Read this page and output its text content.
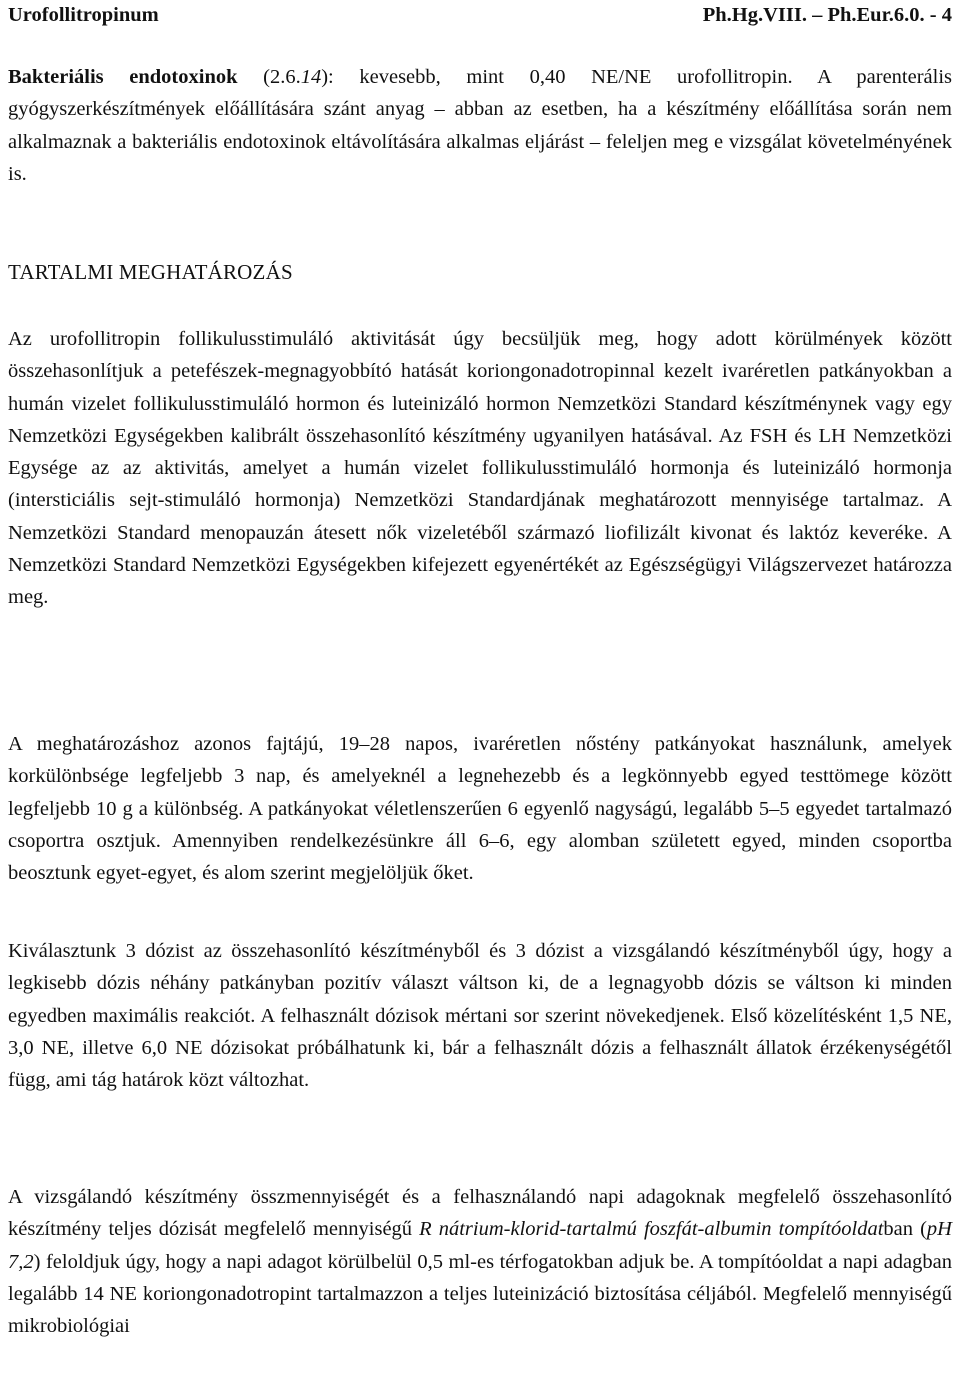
Urofollitropinum	Ph.Hg.VIII. – Ph.Eur.6.0. - 4

Bakteriális endotoxinok (2.6.14): kevesebb, mint 0,40 NE/NE urofollitropin. A parenterális gyógyszerkészítmények előállítására szánt anyag – abban az esetben, ha a készítmény előállítása során nem alkalmaznak a bakteriális endotoxinok eltávolítására alkalmas eljárást – feleljen meg e vizsgálat követelményének is.

TARTALMI MEGHATÁROZÁS

Az urofollitropin follikulusstimuláló aktivitását úgy becsüljük meg, hogy adott körülmények között összehasonlítjuk a petefészek-megnagyobbító hatását koriongonadotropinnal kezelt ivaréretlen patkányokban a humán vizelet follikulusstimuláló hormon és luteinizáló hormon Nemzetközi Standard készítménynek vagy egy Nemzetközi Egységekben kalibrált összehasonlító készítmény ugyanilyen hatásával. Az FSH és LH Nemzetközi Egysége az az aktivitás, amelyet a humán vizelet follikulusstimuláló hormonja és luteinizáló hormonja (intersticiális sejt-stimuláló hormonja) Nemzetközi Standardjának meghatározott mennyisége tartalmaz. A Nemzetközi Standard menopauzán átesett nők vizeletéből származó liofilizált kivonat és laktóz keveréke. A Nemzetközi Standard Nemzetközi Egységekben kifejezett egyenértékét az Egészségügyi Világszervezet határozza meg.

A meghatározáshoz azonos fajtájú, 19–28 napos, ivaréretlen nőstény patkányokat használunk, amelyek korkülönbsége legfeljebb 3 nap, és amelyeknél a legnehezebb és a legkönnyebb egyed testtömege között legfeljebb 10 g a különbség. A patkányokat véletlenszerűen 6 egyenlő nagyságú, legalább 5–5 egyedet tartalmazó csoportra osztjuk. Amennyiben rendelkezésünkre áll 6–6, egy alomban született egyed, minden csoportba beosztunk egyet-egyet, és alom szerint megjelöljük őket.

Kiválasztunk 3 dózist az összehasonlító készítményből és 3 dózist a vizsgálandó készítményből úgy, hogy a legkisebb dózis néhány patkányban pozitív választ váltson ki, de a legnagyobb dózis se váltson ki minden egyedben maximális reakciót. A felhasznált dózisok mértani sor szerint növekedjenek. Első közelítésként 1,5 NE, 3,0 NE, illetve 6,0 NE dózisokat próbálhatunk ki, bár a felhasznált dózis a felhasznált állatok érzékenységétől függ, ami tág határok közt változhat.

A vizsgálandó készítmény összmennyiségét és a felhasználandó napi adagoknak megfelelő összehasonlító készítmény teljes dózisát megfelelő mennyiségű R nátrium-klorid-tartalmú foszfát-albumin tompítóoldatban (pH 7,2) feloldjuk úgy, hogy a napi adagot körülbelül 0,5 ml-es térfogatokban adjuk be. A tompítóoldat a napi adagban legalább 14 NE koriongonadotropint tartalmazzon a teljes luteinizáció biztosítása céljából. Megfelelő mennyiségű mikrobiológiai
